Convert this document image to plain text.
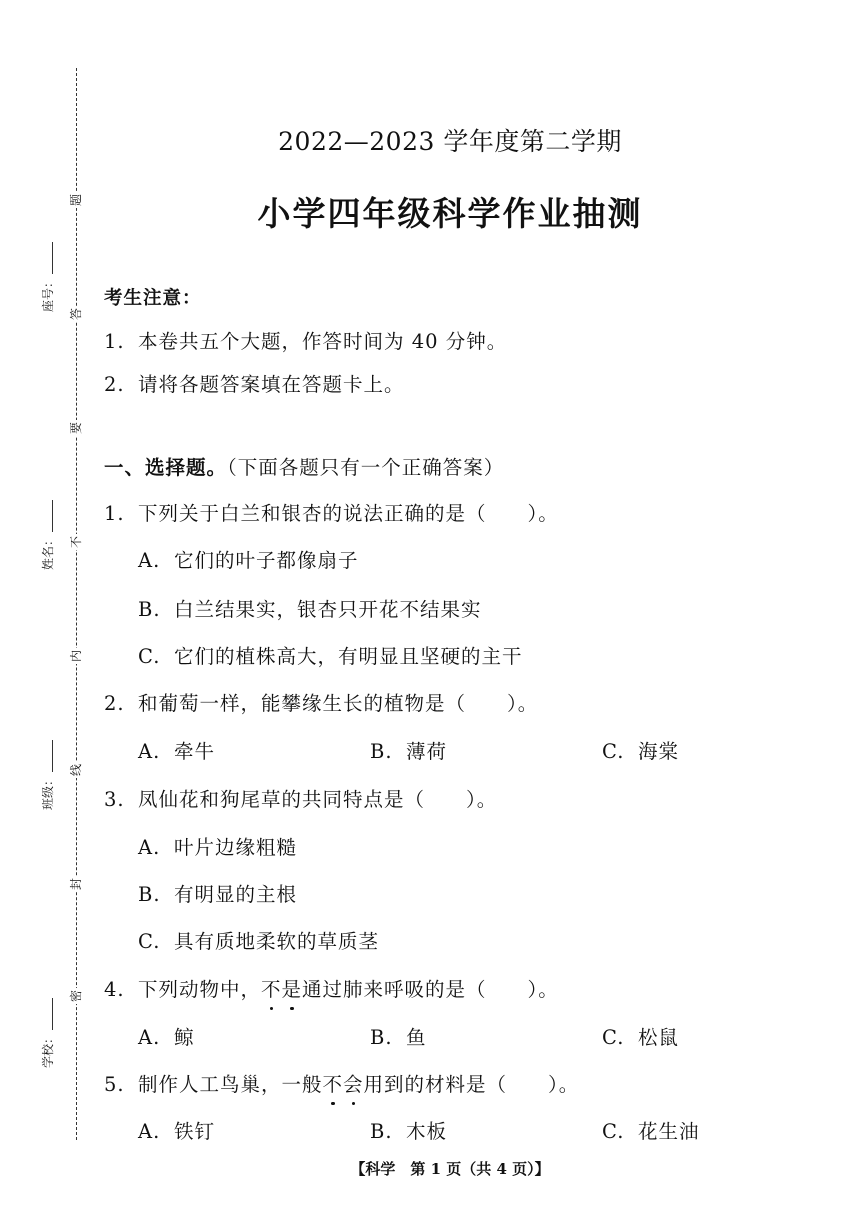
题
答
要
不
内
线
封
密
座号：
姓名：
班级：
学校：
2022—2023 学年度第二学期
小学四年级科学作业抽测
考生注意：
1. 本卷共五个大题，作答时间为 40 分钟。
2. 请将各题答案填在答题卡上。
一、选择题。（下面各题只有一个正确答案）
1. 下列关于白兰和银杏的说法正确的是（　　）。
A. 它们的叶子都像扇子
B. 白兰结果实，银杏只开花不结果实
C. 它们的植株高大，有明显且坚硬的主干
2. 和葡萄一样，能攀缘生长的植物是（　　）。
A. 牵牛	B. 薄荷	C. 海棠
3. 凤仙花和狗尾草的共同特点是（　　）。
A. 叶片边缘粗糙
B. 有明显的主根
C. 具有质地柔软的草质茎
4. 下列动物中，不是通过肺来呼吸的是（　　）。
A. 鲸	B. 鱼	C. 松鼠
5. 制作人工鸟巢，一般不会用到的材料是（　　）。
A. 铁钉	B. 木板	C. 花生油
【科学　第 1 页（共 4 页）】
